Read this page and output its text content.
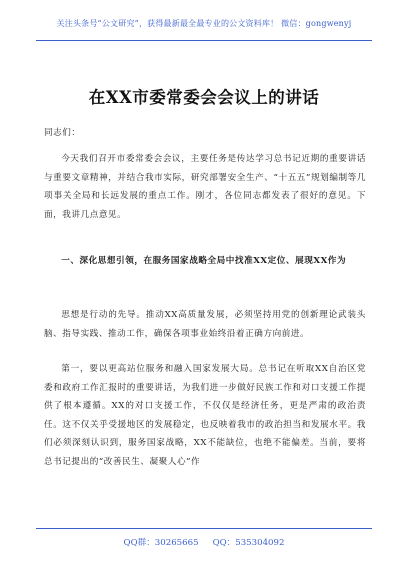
关注头条号“公文研究”，获得最新最全最专业的公文资料库！ 微信：gongwenyj
在XX市委常委会会议上的讲话
同志们：
今天我们召开市委常委会会议，主要任务是传达学习总书记近期的重要讲话与重要文章精神，并结合我市实际，研究部署安全生产、“十五五”规划编制等几项事关全局和长远发展的重点工作。刚才，各位同志都发表了很好的意见。下面，我讲几点意见。
一、深化思想引领，在服务国家战略全局中找准XX定位、展现XX作为
思想是行动的先导。推动XX高质量发展，必须坚持用党的创新理论武装头脑、指导实践、推动工作，确保各项事业始终沿着正确方向前进。
第一，要以更高站位服务和融入国家发展大局。总书记在听取XX自治区党委和政府工作汇报时的重要讲话，为我们进一步做好民族工作和对口支援工作提供了根本遵循。XX的对口支援工作，不仅仅是经济任务，更是严肃的政治责任。这不仅关乎受援地区的发展稳定，也反映着我市的政治担当和发展水平。我们必须深刻认识到，服务国家战略，XX不能缺位，也绝不能偏差。当前，要将总书记提出的“改善民生、凝聚人心”作
QQ群：30265665 QQ：535304092
